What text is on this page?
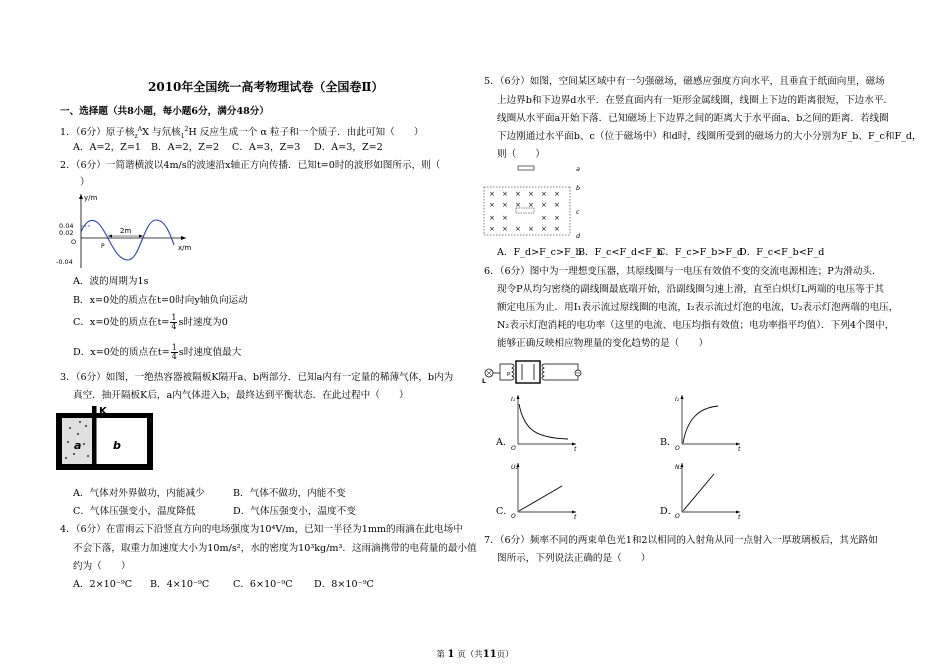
2010年全国统一高考物理试卷（全国卷Ⅱ）
一、选择题（共8小题，每小题6分，满分48分）
1．（6分）原子核$_z^A$X 与氘核$_1^2$H 反应生成一个 α 粒子和一个质子．由此可知（　　）
A．A=2，Z=1 B．A=2，Z=2 C．A=3，Z=3 D．A=3，Z=2
2．（6分）一简谐横波以4m/s的波速沿x轴正方向传播．已知t=0时的波形如图所示，则（
）
y/m
x/m
0.04
0.02
O
-0.04
2m
P
A．波的周期为1s
B．x=0处的质点在t=0时向y轴负向运动
C．x=0处的质点在$t= \frac{1}{4}$ s时速度为0
D．x=0处的质点在$t= \frac{1}{4}$ s时速度值最大
3．（6分）如图，一绝热容器被隔板K隔开a、b两部分．已知a内有一定量的稀薄气体，b内为
真空．抽开隔板K后，a内气体进入b，最终达到平衡状态．在此过程中（　　）
K
a	b
A．气体对外界做功，内能减少	B．气体不做功，内能不变
C．气体压强变小，温度降低	D．气体压强变小，温度不变
4．（6分）在雷雨云下沿竖直方向的电场强度为10⁴V/m，已知一半径为1mm的雨滴在此电场中
不会下落，取重力加速度大小为10m/s²，水的密度为10³kg/m³．这雨滴携带的电荷量的最小值
约为（　　）
A．2×10⁻⁹C B．4×10⁻⁹C C．6×10⁻⁹C D．8×10⁻⁹C
5．（6分）如图，空间某区域中有一匀强磁场，磁感应强度方向水平，且垂直于纸面向里，磁场
上边界b和下边界d水平．在竖直面内有一矩形金属线圈，线圈上下边的距离很短，下边水平．
线圈从水平面a开始下落．已知磁场上下边界之间的距离大于水平面a、b之间的距离．若线圈
下边刚通过水平面b、c（位于磁场中）和d时，线圈所受到的磁场力的大小分别为F_b、F_c和F_d，
则（　　）
× × × × × ×
× × × × × ×
× ×	× ×
× × × × × ×
a
b
c
d
A．F_d>F_c>F_b
B．F_c<F_d<F_b
C．F_c>F_b>F_d
D．F_c<F_b<F_d
6．（6分）图中为一理想变压器，其原线圈与一电压有效值不变的交流电源相连；P为滑动头．
现令P从均匀密绕的副线圈最底端开始，沿副线圈匀速上滑，直至白炽灯L两端的电压等于其
额定电压为止．用I₁表示流过原线圈的电流，I₂表示流过灯泡的电流，U₂表示灯泡两端的电压，
N₂表示灯泡消耗的电功率（这里的电流、电压均指有效值；电功率指平均值）．下列4个图中，
能够正确反映相应物理量的变化趋势的是（　　）
L
P
A．
I₁
O	t
B．
I₂
O	t
C．
U₂
O	t
D．
N₂
O	t
7．（6分）频率不同的两束单色光1和2以相同的入射角从同一点射入一厚玻璃板后，其光路如
图所示，下列说法正确的是（　　）
第 1 页（共11页）
